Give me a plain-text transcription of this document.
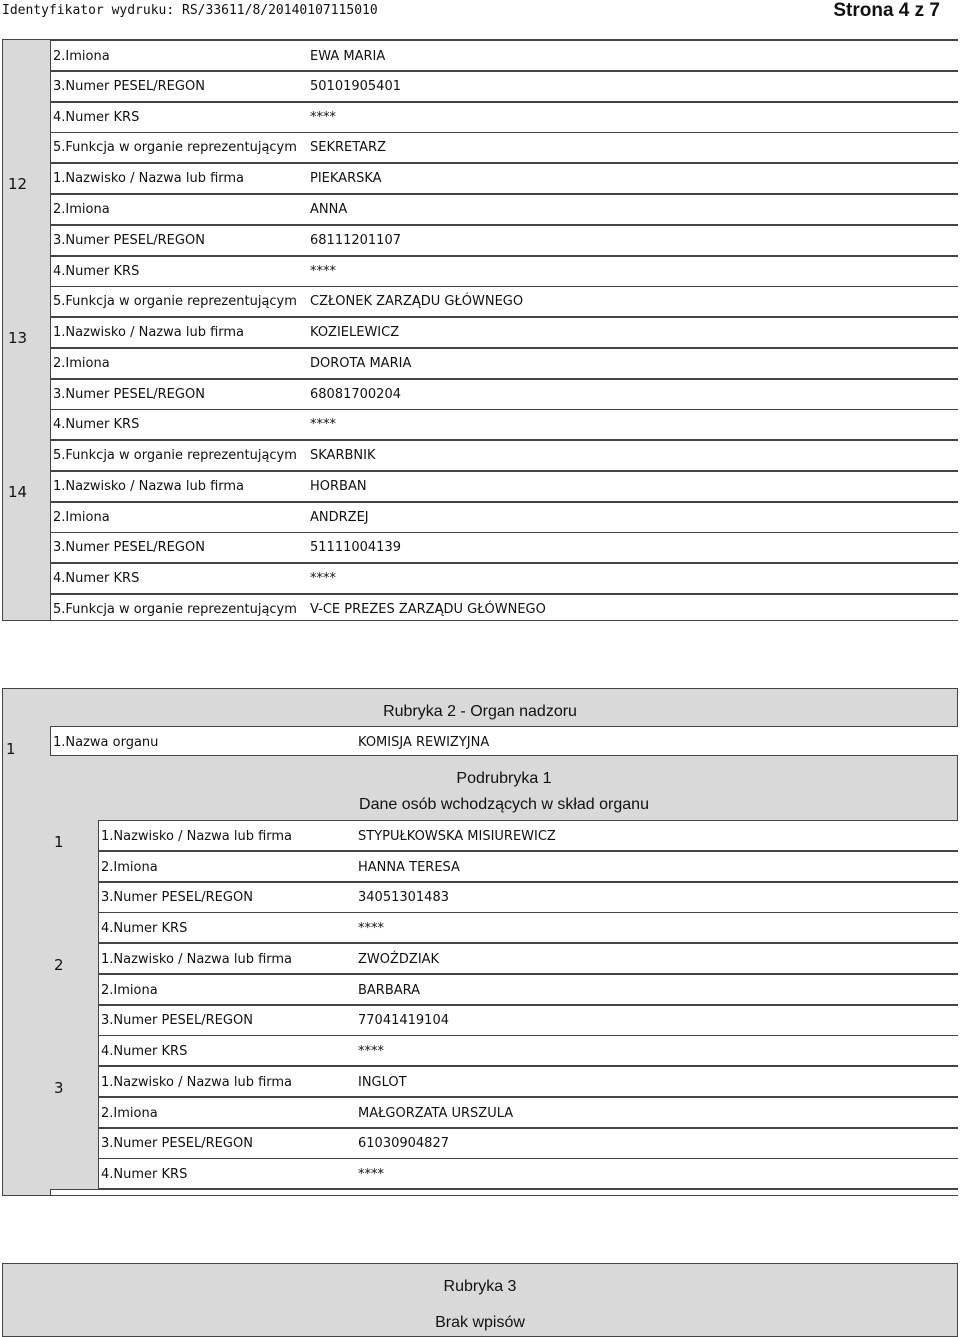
Identyfikator wydruku: RS/33611/8/20140107115010	Strona 4 z 7
2.Imiona	EWA MARIA
3.Numer PESEL/REGON	50101905401
4.Numer KRS	****
5.Funkcja w organie reprezentującym SEKRETARZ
12 1.Nazwisko / Nazwa lub firma	PIEKARSKA
2.Imiona	ANNA
3.Numer PESEL/REGON	68111201107
4.Numer KRS	****
5.Funkcja w organie reprezentującym CZŁONEK ZARZĄDU GŁÓWNEGO
13 1.Nazwisko / Nazwa lub firma	KOZIELEWICZ
2.Imiona	DOROTA MARIA
3.Numer PESEL/REGON	68081700204
4.Numer KRS	****
5.Funkcja w organie reprezentującym SKARBNIK
14 1.Nazwisko / Nazwa lub firma	HORBAN
2.Imiona	ANDRZEJ
3.Numer PESEL/REGON	51111004139
4.Numer KRS	****
5.Funkcja w organie reprezentującym V-CE PREZES ZARZĄDU GŁÓWNEGO
Rubryka 2 - Organ nadzoru
1	1.Nazwa organu	KOMISJA REWIZYJNA
Podrubryka 1
Dane osób wchodzących w skład organu
1	1.Nazwisko / Nazwa lub firma	STYPUŁKOWSKA MISIUREWICZ
2.Imiona	HANNA TERESA
3.Numer PESEL/REGON	34051301483
4.Numer KRS	****
2	1.Nazwisko / Nazwa lub firma	ZWOŹDZIAK
2.Imiona	BARBARA
3.Numer PESEL/REGON	77041419104
4.Numer KRS	****
3	1.Nazwisko / Nazwa lub firma	INGLOT
2.Imiona	MAŁGORZATA URSZULA
3.Numer PESEL/REGON	61030904827
4.Numer KRS	****
Rubryka 3
Brak wpisów
